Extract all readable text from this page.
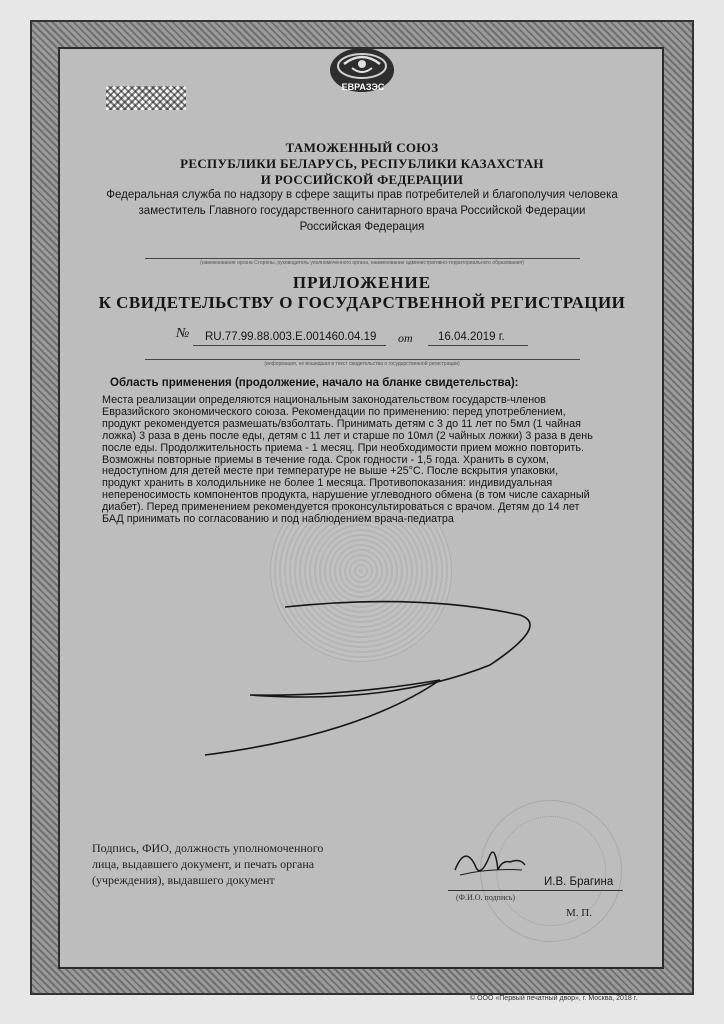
ЕВРАЗЭС
ТАМОЖЕННЫЙ СОЮЗ
РЕСПУБЛИКИ БЕЛАРУСЬ, РЕСПУБЛИКИ КАЗАХСТАН
И РОССИЙСКОЙ ФЕДЕРАЦИИ
Федеральная служба по надзору в сфере защиты прав потребителей и благополучия человека
заместитель Главного государственного санитарного врача Российской Федерации
Российская Федерация
(наименование органа Стороны, руководитель уполномоченного органа, наименование административно-территориального образования)
ПРИЛОЖЕНИЕ
К СВИДЕТЕЛЬСТВУ О ГОСУДАРСТВЕННОЙ РЕГИСТРАЦИИ
№ RU.77.99.88.003.E.001460.04.19 от 16.04.2019 г.
(информация, не вошедшая в текст свидетельства о государственной регистрации)
Область применения (продолжение, начало на бланке свидетельства):
Места реализации определяются национальным законодательством государств-членов
Евразийского экономического союза. Рекомендации по применению: перед употреблением,
продукт рекомендуется размешать/взболтать. Принимать детям с 3 до 11 лет по 5мл (1 чайная
ложка) 3 раза в день после еды, детям с 11 лет и старше по 10мл (2 чайных ложки) 3 раза в день
после еды. Продолжительность приема - 1 месяц. При необходимости прием можно повторить.
Возможны повторные приемы в течение года. Срок годности - 1,5 года. Хранить в сухом,
недоступном для детей месте при температуре не выше +25°C. После вскрытия упаковки,
продукт хранить в холодильнике не более 1 месяца. Противопоказания: индивидуальная
непереносимость компонентов продукта, нарушение углеводного обмена (в том числе сахарный
диабет). Перед применением рекомендуется проконсультироваться с врачом. Детям до 14 лет
БАД принимать по согласованию и под наблюдением врача-педиатра
Подпись, ФИО, должность уполномоченного
лица, выдавшего документ, и печать органа
(учреждения), выдавшего документ	И.В. Брагина
(Ф.И.О. подпись)
М. П.
© ООО «Первый печатный двор», г. Москва, 2018 г.
